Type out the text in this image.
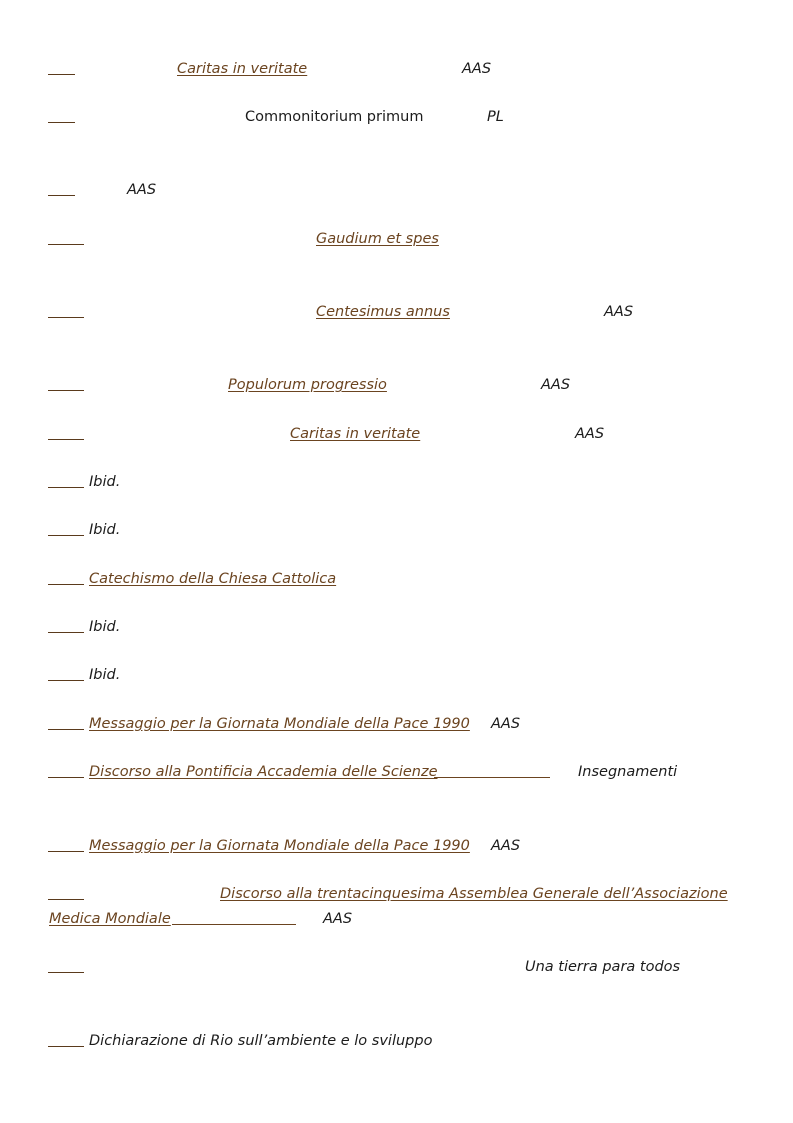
Caritas in veritate	AAS
Commonitorium primum	PL
AAS
Gaudium et spes
Centesimus annus	AAS
Populorum progressio	AAS
Caritas in veritate	AAS
Ibid.
Ibid.
Catechismo della Chiesa Cattolica
Ibid.
Ibid.
Messaggio per la Giornata Mondiale della Pace 1990 AAS
Discorso alla Pontificia Accademia delle Scienze	Insegnamenti
Messaggio per la Giornata Mondiale della Pace 1990 AAS
Discorso alla trentacinquesima Assemblea Generale dell’Associazione
Medica Mondiale	AAS
Una tierra para todos
Dichiarazione di Rio sull’ambiente e lo sviluppo
